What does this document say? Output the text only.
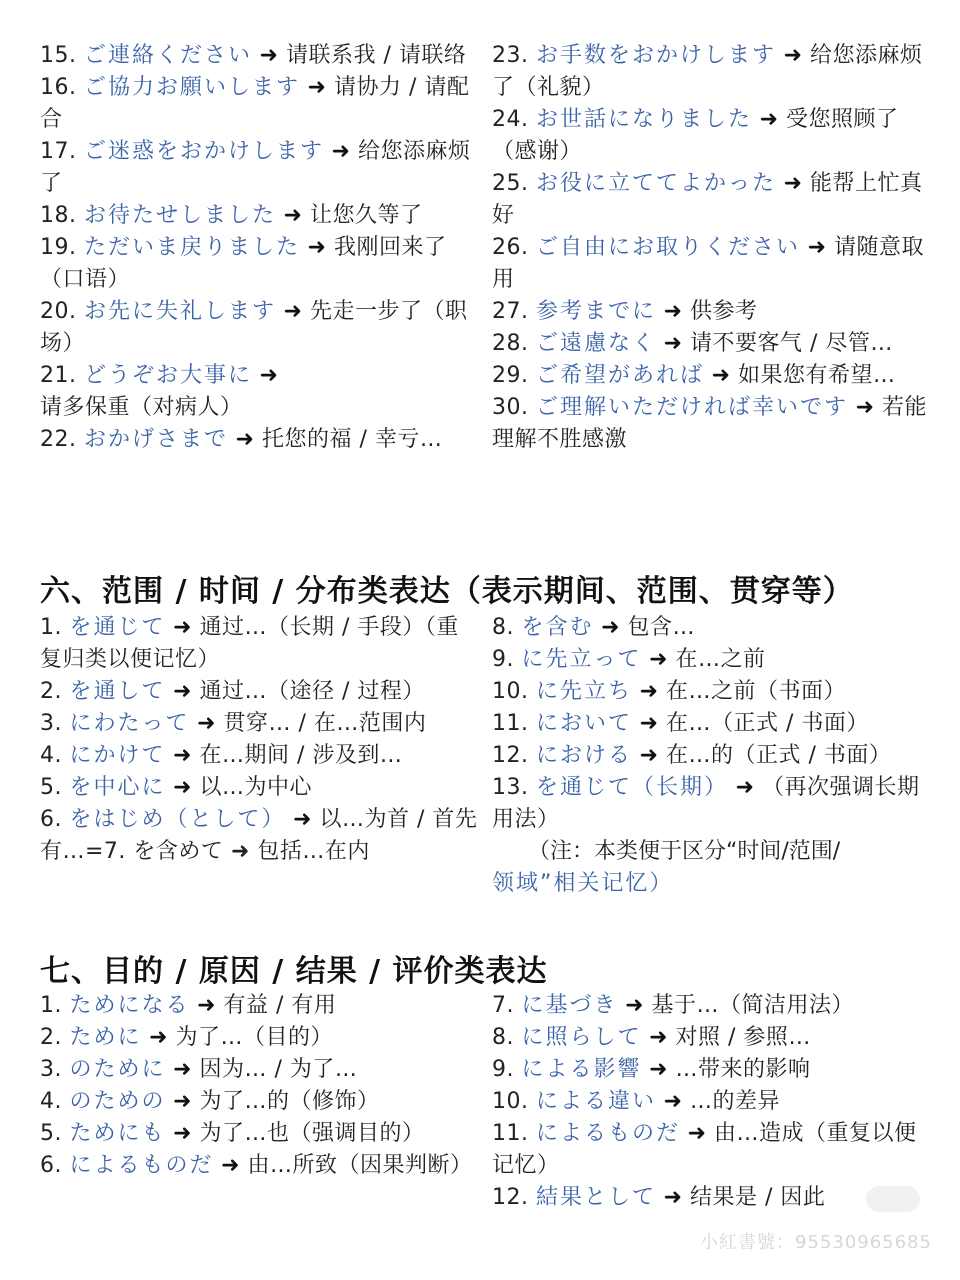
15. ご連絡ください ➜ 请联系我 / 请联络
16. ご協力お願いします ➜ 请协力 / 请配合
17. ご迷惑をおかけします ➜ 给您添麻烦了
18. お待たせしました ➜ 让您久等了
19. ただいま戻りました ➜ 我刚回来了（口语）
20. お先に失礼します ➜ 先走一步了（职场）
21. どうぞお大事に ➜ 请多保重（对病人）
22. おかげさまで ➜ 托您的福 / 幸亏…
23. お手数をおかけします ➜ 给您添麻烦了（礼貌）
24. お世話になりました ➜ 受您照顾了（感谢）
25. お役に立ててよかった ➜ 能帮上忙真好
26. ご自由にお取りください ➜ 请随意取用
27. 参考までに ➜ 供参考
28. ご遠慮なく ➜ 请不要客气 / 尽管…
29. ご希望があれば ➜ 如果您有希望…
30. ご理解いただければ幸いです ➜ 若能理解不胜感激
六、范围 / 时间 / 分布类表达（表示期间、范围、贯穿等）
1. を通じて ➜ 通过…（长期 / 手段）（重复归类以便记忆）
2. を通して ➜ 通过…（途径 / 过程）
3. にわたって ➜ 贯穿… / 在…范围内
4. にかけて ➜ 在…期间 / 涉及到…
5. を中心に ➜ 以…为中心
6. をはじめ（として） ➜ 以…为首 / 首先有…=7. を含めて ➜ 包括…在内
8. を含む ➜ 包含…
9. に先立って ➜ 在…之前
10. に先立ち ➜ 在…之前（书面）
11. において ➜ 在…（正式 / 书面）
12. における ➜ 在…的（正式 / 书面）
13. を通じて（长期） ➜ （再次强调长期用法）
（注：本类便于区分“时间/范围/
领域”相关记忆）
七、目的 / 原因 / 结果 / 评价类表达
1. ためになる ➜ 有益 / 有用
2. ために ➜ 为了…（目的）
3. のために ➜ 因为… / 为了…
4. のための ➜ 为了…的（修饰）
5. ためにも ➜ 为了…也（强调目的）
6. によるものだ ➜ 由…所致（因果判断）
7. に基づき ➜ 基于…（简洁用法）
8. に照らして ➜ 对照 / 参照…
9. による影響 ➜ …带来的影响
10. による違い ➜ …的差异
11. によるものだ ➜ 由…造成（重复以便记忆）
12. 結果として ➜ 结果是 / 因此
小紅書號：95530965685
